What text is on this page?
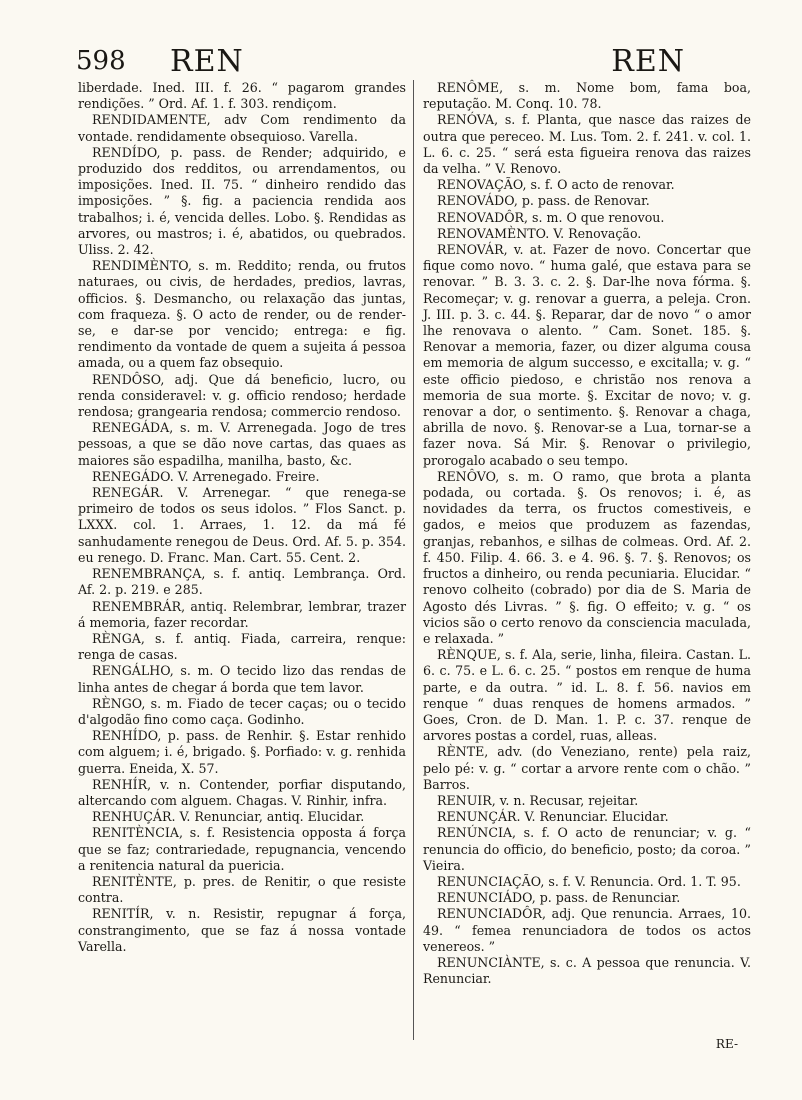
598 REN	REN

liberdade. Ined. III. f. 26. “ pagarom grandes rendições. ” Ord. Af. 1. f. 303. rendiçom.

RENDIDAMENTE, adv Com rendimento da vontade. rendidamente obsequioso. Varella.

RENDÍDO, p. pass. de Render; adquirido, e produzido dos redditos, ou arrendamentos, ou imposições. Ined. II. 75. “ dinheiro rendido das imposições. ” §. fig. a paciencia rendida aos trabalhos; i. é, vencida delles. Lobo. §. Rendidas as arvores, ou mastros; i. é, abatidos, ou quebrados. Uliss. 2. 42.

RENDIMÈNTO, s. m. Reddito; renda, ou frutos naturaes, ou civis, de herdades, predios, lavras, officios. §. Desmancho, ou relaxação das juntas, com fraqueza. §. O acto de render, ou de render-se, e dar-se por vencido; entrega: e fig. rendimento da vontade de quem a sujeita á pessoa amada, ou a quem faz obsequio.

RENDÔSO, adj. Que dá beneficio, lucro, ou renda consideravel: v. g. officio rendoso; herdade rendosa; grangearia rendosa; commercio rendoso.

RENEGÁDA, s. m. V. Arrenegada. Jogo de tres pessoas, a que se dão nove cartas, das quaes as maiores são espadilha, manilha, basto, &c.

RENEGÁDO. V. Arrenegado. Freire.

RENEGÁR. V. Arrenegar. “ que renega-se primeiro de todos os seus idolos. ” Flos Sanct. p. LXXX. col. 1. Arraes, 1. 12. da má fé sanhudamente renegou de Deus. Ord. Af. 5. p. 354. eu renego. D. Franc. Man. Cart. 55. Cent. 2.

RENEMBRANÇA, s. f. antiq. Lembrança. Ord. Af. 2. p. 219. e 285.

RENEMBRÁR, antiq. Relembrar, lembrar, trazer á memoria, fazer recordar.

RÈNGA, s. f. antiq. Fiada, carreira, renque: renga de casas.

RENGÁLHO, s. m. O tecido lizo das rendas de linha antes de chegar á borda que tem lavor.

RÈNGO, s. m. Fiado de tecer caças; ou o tecido d'algodão fino como caça. Godinho.

RENHÍDO, p. pass. de Renhir. §. Estar renhido com alguem; i. é, brigado. §. Porfiado: v. g. renhida guerra. Eneida, X. 57.

RENHÍR, v. n. Contender, porfiar disputando, altercando com alguem. Chagas. V. Rinhir, infra.

RENHUÇÁR. V. Renunciar, antiq. Elucidar.

RENITÈNCIA, s. f. Resistencia opposta á força que se faz; contrariedade, repugnancia, vencendo a renitencia natural da puericia.

RENITÈNTE, p. pres. de Renitir, o que resiste contra.

RENITÍR, v. n. Resistir, repugnar á força, constrangimento, que se faz á nossa vontade Varella.

RENÔME, s. m. Nome bom, fama boa, reputação. M. Conq. 10. 78.

RENÓVA, s. f. Planta, que nasce das raizes de outra que pereceo. M. Lus. Tom. 2. f. 241. v. col. 1. L. 6. c. 25. “ será esta figueira renova das raizes da velha. ” V. Renovo.

RENOVAÇÃO, s. f. O acto de renovar.

RENOVÁDO, p. pass. de Renovar.

RENOVADÔR, s. m. O que renovou.

RENOVAMÈNTO. V. Renovação.

RENOVÁR, v. at. Fazer de novo. Concertar que fique como novo. “ huma galé, que estava para se renovar. ” B. 3. 3. c. 2. §. Dar-lhe nova fórma. §. Recomeçar; v. g. renovar a guerra, a peleja. Cron. J. III. p. 3. c. 44. §. Reparar, dar de novo “ o amor lhe renovava o alento. ” Cam. Sonet. 185. §. Renovar a memoria, fazer, ou dizer alguma cousa em memoria de algum successo, e excitalla; v. g. “ este officio piedoso, e christão nos renova a memoria de sua morte. §. Excitar de novo; v. g. renovar a dor, o sentimento. §. Renovar a chaga, abrilla de novo. §. Renovar-se a Lua, tornar-se a fazer nova. Sá Mir. §. Renovar o privilegio, prorogalo acabado o seu tempo.

RENÔVO, s. m. O ramo, que brota a planta podada, ou cortada. §. Os renovos; i. é, as novidades da terra, os fructos comestiveis, e gados, e meios que produzem as fazendas, granjas, rebanhos, e silhas de colmeas. Ord. Af. 2. f. 450. Filip. 4. 66. 3. e 4. 96. §. 7. §. Renovos; os fructos a dinheiro, ou renda pecuniaria. Elucidar. “ renovo colheito (cobrado) por dia de S. Maria de Agosto dés Livras. ” §. fig. O effeito; v. g. “ os vicios são o certo renovo da consciencia maculada, e relaxada. ”

RÈNQUE, s. f. Ala, serie, linha, fileira. Castan. L. 6. c. 75. e L. 6. c. 25. “ postos em renque de huma parte, e da outra. ” id. L. 8. f. 56. navios em renque “ duas renques de homens armados. ” Goes, Cron. de D. Man. 1. P. c. 37. renque de arvores postas a cordel, ruas, alleas.

RÈNTE, adv. (do Veneziano, rente) pela raiz, pelo pé: v. g. “ cortar a arvore rente com o chão. ” Barros.

RENUIR, v. n. Recusar, rejeitar.

RENUNÇÁR. V. Renunciar. Elucidar.

RENÚNCIA, s. f. O acto de renunciar; v. g. “ renuncia do officio, do beneficio, posto; da coroa. ” Vieira.

RENUNCIAÇÃO, s. f. V. Renuncia. Ord. 1. T. 95.

RENUNCIÁDO, p. pass. de Renunciar.

RENUNCIADÔR, adj. Que renuncia. Arraes, 10. 49. “ femea renunciadora de todos os actos venereos. ”

RENUNCIÀNTE, s. c. A pessoa que renuncia. V. Renunciar.

RE-
